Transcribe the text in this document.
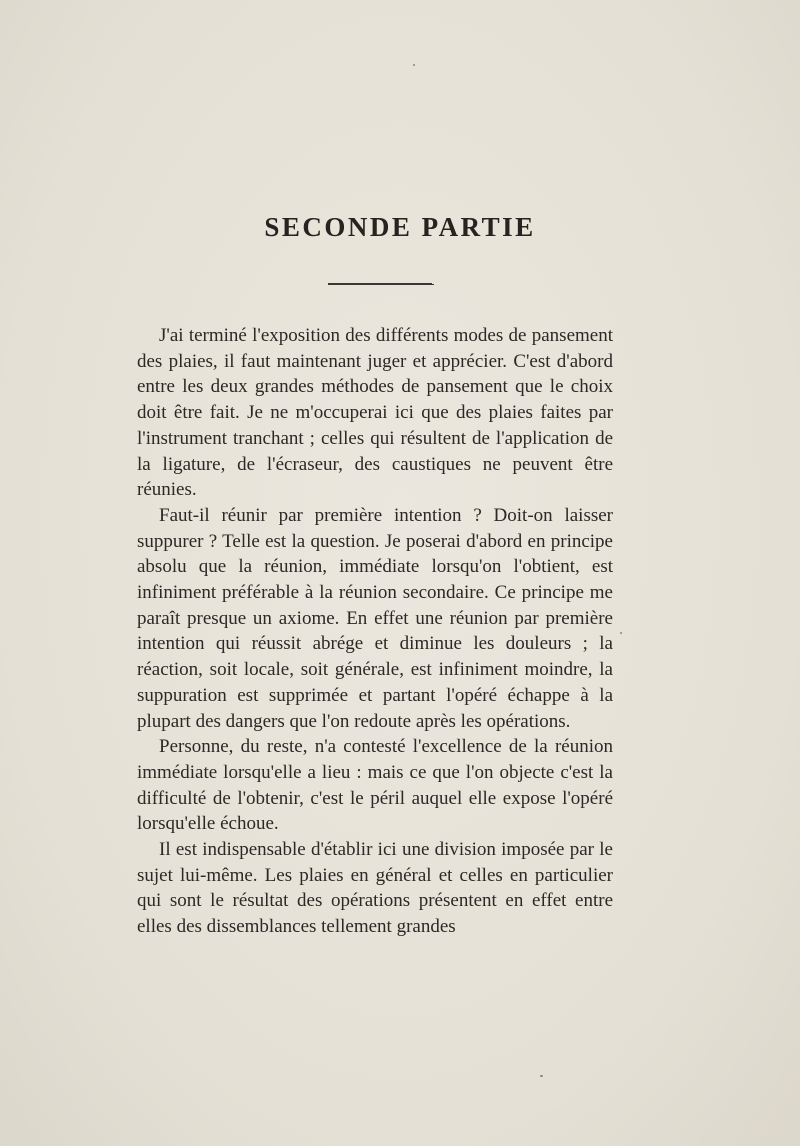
SECONDE PARTIE

J'ai terminé l'exposition des différents modes de pansement des plaies, il faut maintenant juger et apprécier. C'est d'abord entre les deux grandes méthodes de pansement que le choix doit être fait. Je ne m'occuperai ici que des plaies faites par l'instrument tranchant ; celles qui résultent de l'application de la ligature, de l'écraseur, des caustiques ne peuvent être réunies.

Faut-il réunir par première intention ? Doit-on laisser suppurer ? Telle est la question. Je poserai d'abord en principe absolu que la réunion, immédiate lorsqu'on l'obtient, est infiniment préférable à la réunion secondaire. Ce principe me paraît presque un axiome. En effet une réunion par première intention qui réussit abrége et diminue les douleurs ; la réaction, soit locale, soit générale, est infiniment moindre, la suppuration est supprimée et partant l'opéré échappe à la plupart des dangers que l'on redoute après les opérations.

Personne, du reste, n'a contesté l'excellence de la réunion immédiate lorsqu'elle a lieu : mais ce que l'on objecte c'est la difficulté de l'obtenir, c'est le péril auquel elle expose l'opéré lorsqu'elle échoue.

Il est indispensable d'établir ici une division imposée par le sujet lui-même. Les plaies en général et celles en particulier qui sont le résultat des opérations présentent en effet entre elles des dissemblances tellement grandes
